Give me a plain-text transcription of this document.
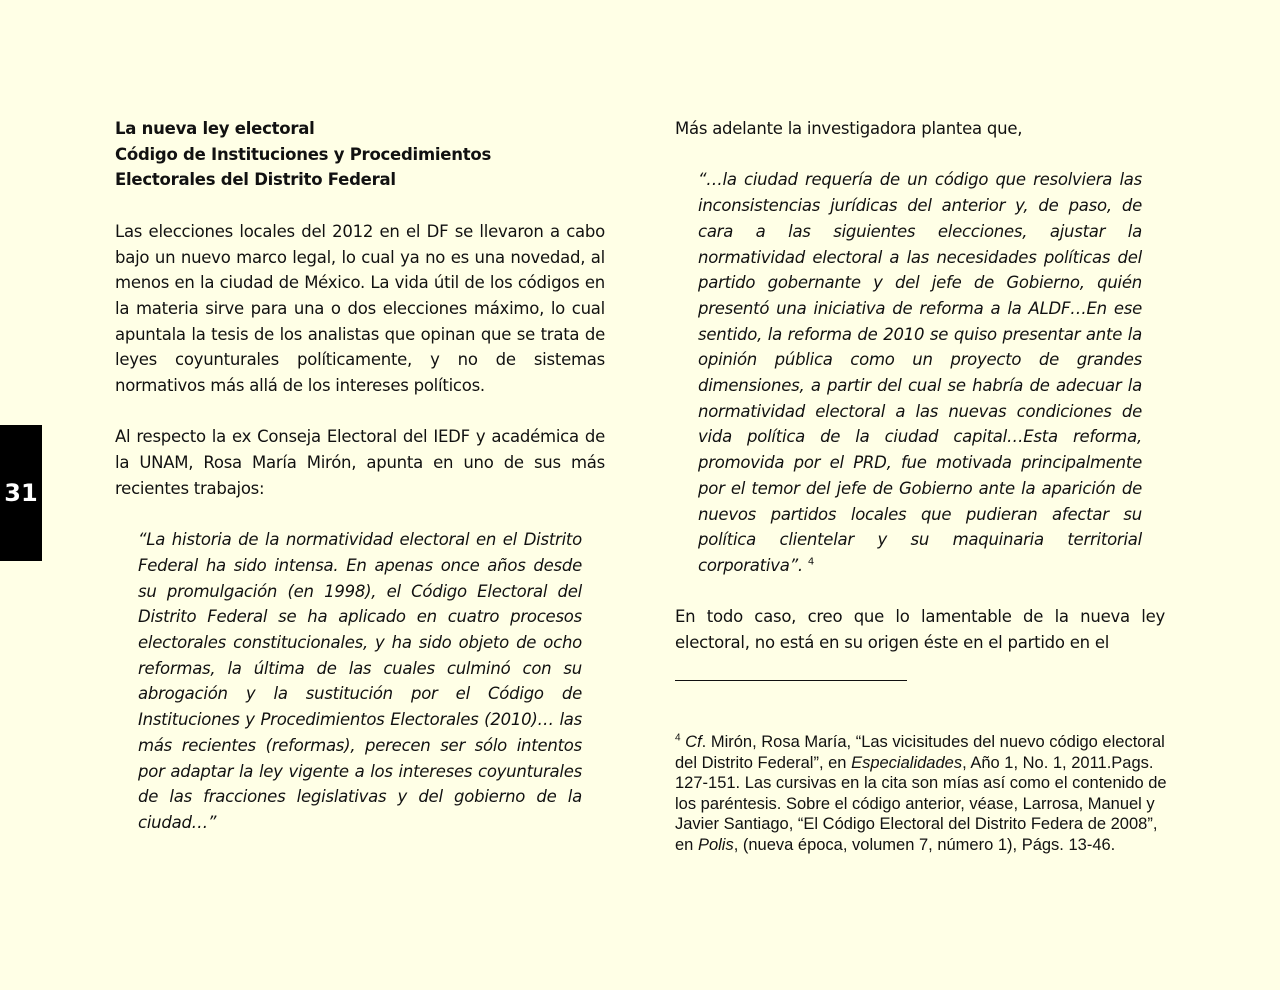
31

La nueva ley electoral
Código de Instituciones y Procedimientos
Electorales del Distrito Federal

Las elecciones locales del 2012 en el DF se llevaron a cabo bajo un nuevo marco legal, lo cual ya no es una novedad, al menos en la ciudad de México. La vida útil de los códigos en la materia sirve para una o dos elecciones máximo, lo cual apuntala la tesis de los analistas que opinan que se trata de leyes coyunturales políticamente, y no de sistemas normativos más allá de los intereses políticos.

Al respecto la ex Conseja Electoral del IEDF y académica de la UNAM, Rosa María Mirón, apunta en uno de sus más recientes trabajos:

“La historia de la normatividad electoral en el Distrito Federal ha sido intensa. En apenas once años desde su promulgación (en 1998), el Código Electoral del Distrito Federal se ha aplicado en cuatro procesos electorales constitucionales, y ha sido objeto de ocho reformas, la última de las cuales culminó con su abrogación y la sustitución por el Código de Instituciones y Procedimientos Electorales (2010)… las más recientes (reformas), perecen ser sólo intentos por adaptar la ley vigente a los intereses coyunturales de las fracciones legislativas y del gobierno de la ciudad…”

Más adelante la investigadora plantea que,

“…la ciudad requería de un código que resolviera las inconsistencias jurídicas del anterior y, de paso, de cara a las siguientes elecciones, ajustar la normatividad electoral a las necesidades políticas del partido gobernante y del jefe de Gobierno, quién presentó una iniciativa de reforma a la ALDF…En ese sentido, la reforma de 2010 se quiso presentar ante la opinión pública como un proyecto de grandes dimensiones, a partir del cual se habría de adecuar la normatividad electoral a las nuevas condiciones de vida política de la ciudad capital…Esta reforma, promovida por el PRD, fue motivada principalmente por el temor del jefe de Gobierno ante la aparición de nuevos partidos locales que pudieran afectar su política clientelar y su maquinaria territorial corporativa”. $^4$

En todo caso, creo que lo lamentable de la nueva ley electoral, no está en su origen éste en el partido en el

$^4$ Cf. Mirón, Rosa María, “Las vicisitudes del nuevo código electoral del Distrito Federal”, en Especialidades, Año 1, No. 1, 2011.Pags. 127-151. Las cursivas en la cita son mías así como el contenido de los paréntesis. Sobre el código anterior, véase, Larrosa, Manuel y Javier Santiago, “El Código Electoral del Distrito Federa de 2008”, en Polis, (nueva época, volumen 7, número 1), Págs. 13-46.
